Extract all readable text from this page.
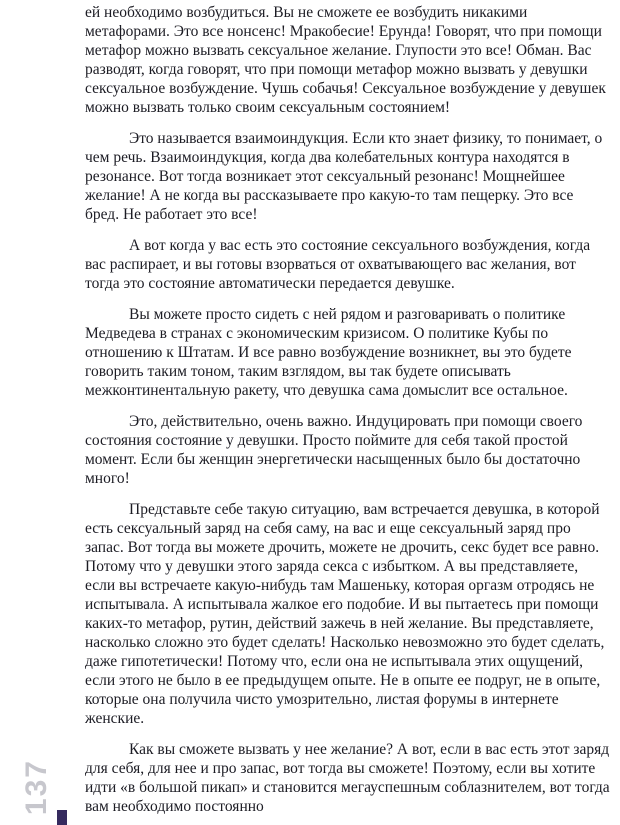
ей необходимо возбудиться. Вы не сможете ее возбудить никакими метафорами. Это все нонсенс! Мракобесие! Ерунда! Говорят, что при помощи метафор можно вызвать сексуальное желание. Глупости это все! Обман. Вас разводят, когда говорят, что при помощи метафор можно вызвать у девушки сексуальное возбуждение. Чушь собачья! Сексуальное возбуждение у девушек можно вызвать только своим сексуальным состоянием!

Это называется взаимоиндукция. Если кто знает физику, то понимает, о чем речь. Взаимоиндукция, когда два колебательных контура находятся в резонансе. Вот тогда возникает этот сексуальный резонанс! Мощнейшее желание! А не когда вы рассказываете про какую-то там пещерку. Это все бред. Не работает это все!

А вот когда у вас есть это состояние сексуального возбуждения, когда вас распирает, и вы готовы взорваться от охватывающего вас желания, вот тогда это состояние автоматически передается девушке.

Вы можете просто сидеть с ней рядом и разговаривать о политике Медведева в странах с экономическим кризисом. О политике Кубы по отношению к Штатам. И все равно возбуждение возникнет, вы это будете говорить таким тоном, таким взглядом, вы так будете описывать межконтинентальную ракету, что девушка сама домыслит все остальное.

Это, действительно, очень важно. Индуцировать при помощи своего состояния состояние у девушки. Просто поймите для себя такой простой момент. Если бы женщин энергетически насыщенных было бы достаточно много!

Представьте себе такую ситуацию, вам встречается девушка, в которой есть сексуальный заряд на себя саму, на вас и еще сексуальный заряд про запас. Вот тогда вы можете дрочить, можете не дрочить, секс будет все равно. Потому что у девушки этого заряда секса с избытком. А вы представляете, если вы встречаете какую-нибудь там Машеньку, которая оргазм отродясь не испытывала. А испытывала жалкое его подобие. И вы пытаетесь при помощи каких-то метафор, рутин, действий зажечь в ней желание. Вы представляете, насколько сложно это будет сделать! Насколько невозможно это будет сделать, даже гипотетически! Потому что, если она не испытывала этих ощущений, если этого не было в ее предыдущем опыте. Не в опыте ее подруг, не в опыте, которые она получила чисто умозрительно, листая форумы в интернете женские.

Как вы сможете вызвать у нее желание? А вот, если в вас есть этот заряд для себя, для нее и про запас, вот тогда вы сможете! Поэтому, если вы хотите идти «в большой пикап» и становится мегауспешным соблазнителем, вот тогда вам необходимо постоянно

137
